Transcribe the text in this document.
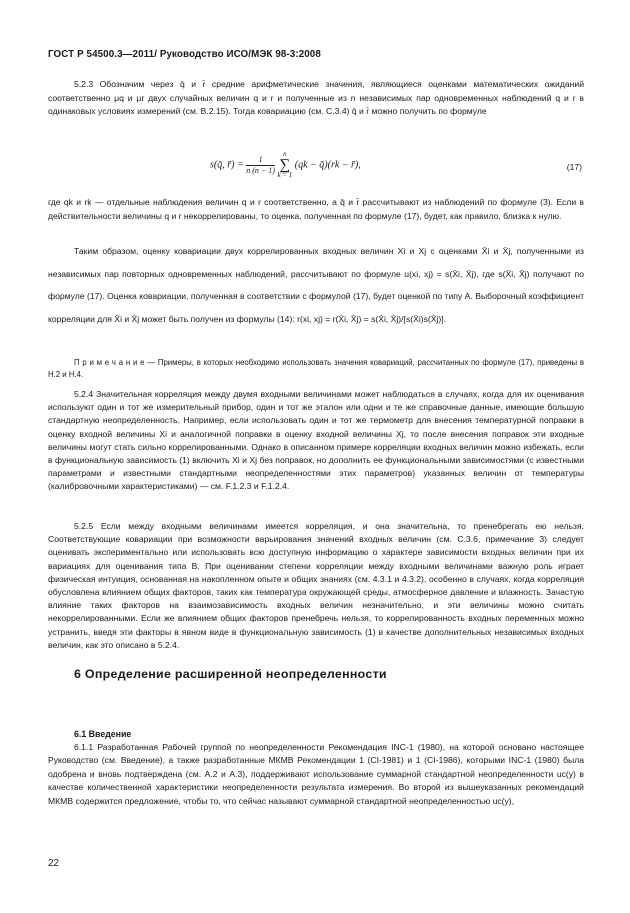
ГОСТ Р 54500.3—2011/ Руководство ИСО/МЭК 98-3:2008

5.2.3 Обозначим через q̄ и r̄ средние арифметические значения, являющиеся оценками математических ожиданий соответственно μq и μr двух случайных величин q и r и полученные из n независимых пар одновременных наблюдений q и r в одинаковых условиях измерений (см. В.2.15). Тогда ковариацию (см. С.3.4) q̄ и r̄ можно получить по формуле

s(q̄, r̄) = $\frac{1}{n (n - 1)}$

n
∑
k = 1
(qk − q̄)(rk − r̄),	(17)

где qk и rk — отдельные наблюдения величин q и r соответственно, а q̄ и r̄ рассчитывают из наблюдений по формуле (3). Если в действительности величины q и r некоррелированы, то оценка, полученная по формуле (17), будет, как правило, близка к нулю.

Таким образом, оценку ковариации двух коррелированных входных величин Xi и Xj с оценками X̄i и X̄j, полученными из независимых пар повторных одновременных наблюдений, рассчитывают по формуле u(xi, xj) = s(X̄i, X̄j), где s(X̄i, X̄j) получают по формуле (17). Оценка ковариации, полученная в соответствии с формулой (17), будет оценкой по типу А. Выборочный коэффициент корреляции для X̄i и X̄j может быть получен из формулы (14): r(xi, xj) = r(X̄i, X̄j) = s(X̄i, X̄j)/[s(X̄i)s(X̄j)].

П р и м е ч а н и е — Примеры, в которых необходимо использовать значения ковариаций, рассчитанных по формуле (17), приведены в Н.2 и Н.4.

5.2.4 Значительная корреляция между двумя входными величинами может наблюдаться в случаях, когда для их оценивания используют один и тот же измерительный прибор, один и тот же эталон или одни и те же справочные данные, имеющие большую стандартную неопределенность. Например, если использовать один и тот же термометр для внесения температурной поправки в оценку входной величины Xi и аналогичной поправки в оценку входной величины Xj, то после внесения поправок эти входные величины могут стать сильно коррелированными. Однако в описанном примере корреляции входных величин можно избежать, если в функциональную зависимость (1) включить Xi и Xj без поправок, но дополнить ее функциональными зависимостями (с известными параметрами и известными стандартными неопределенностями этих параметров) указанных величин от температуры (калибровочными характеристиками) — см. F.1.2.3 и F.1.2.4.

5.2.5 Если между входными величинами имеется корреляция, и она значительна, то пренебрегать ею нельзя. Соответствующие ковариации при возможности варьирования значений входных величин (см. С.3.6, примечание 3) следует оценивать экспериментально или использовать всю доступную информацию о характере зависимости входных величин при их вариациях для оценивания типа В. При оценивании степени корреляции между входными величинами важную роль играет физическая интуиция, основанная на накопленном опыте и общих знаниях (см. 4.3.1 и 4.3.2), особенно в случаях, когда корреляция обусловлена влиянием общих факторов, таких как температура окружающей среды, атмосферное давление и влажность. Зачастую влияние таких факторов на взаимозависимость входных величин незначительно, и эти величины можно считать некоррелированными. Если же влиянием общих факторов пренебречь нельзя, то коррелированность входных переменных можно устранить, введя эти факторы в явном виде в функциональную зависимость (1) в качестве дополнительных независимых входных величин, как это описано в 5.2.4.

6 Определение расширенной неопределенности
6.1 Введение

6.1.1 Разработанная Рабочей группой по неопределенности Рекомендация INC-1 (1980), на которой основано настоящее Руководство (см. Введение), а также разработанные МКМВ Рекомендации 1 (CI-1981) и 1 (CI-1986), которыми INC-1 (1980) была одобрена и вновь подтверждена (см. А.2 и А.3), поддерживают использование суммарной стандартной неопределенности uc(y) в качестве количественной характеристики неопределенности результата измерения. Во второй из вышеуказанных рекомендаций МКМВ содержится предложение, чтобы то, что сейчас называют суммарной стандартной неопределенностью uc(y),

22
